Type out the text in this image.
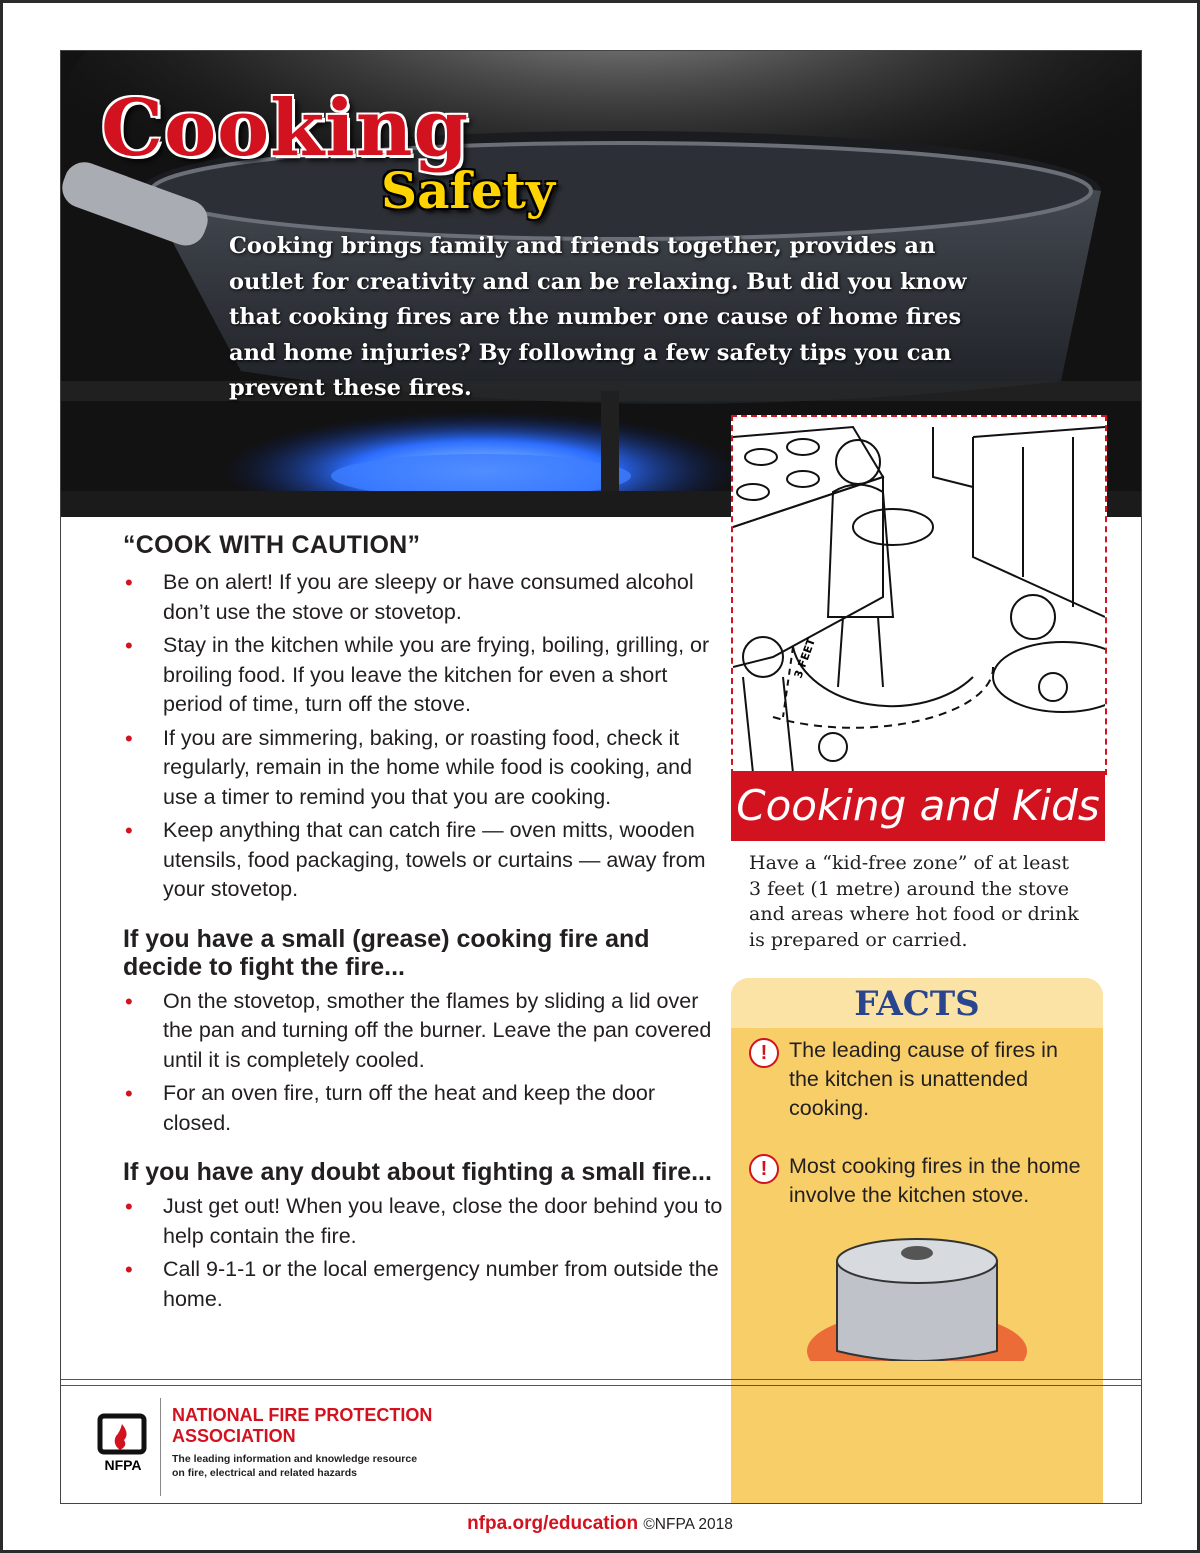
Cooking
Safety
Cooking brings family and friends together, provides an outlet for creativity and can be relaxing. But did you know that cooking fires are the number one cause of home fires and home injuries? By following a few safety tips you can prevent these fires.
“COOK WITH CAUTION”
• Be on alert! If you are sleepy or have consumed alcohol don’t use the stove or stovetop.
• Stay in the kitchen while you are frying, boiling, grilling, or broiling food. If you leave the kitchen for even a short period of time, turn off the stove.
• If you are simmering, baking, or roasting food, check it regularly, remain in the home while food is cooking, and use a timer to remind you that you are cooking.
• Keep anything that can catch fire — oven mitts, wooden utensils, food packaging, towels or curtains — away from your stovetop.
If you have a small (grease) cooking fire and decide to fight the fire...
• On the stovetop, smother the flames by sliding a lid over the pan and turning off the burner. Leave the pan covered until it is completely cooled.
• For an oven fire, turn off the heat and keep the door closed.
If you have any doubt about fighting a small fire...
• Just get out! When you leave, close the door behind you to help contain the fire.
• Call 9-1-1 or the local emergency number from outside the home.
3 FEET
Cooking and Kids
Have a “kid-free zone” of at least 3 feet (1 metre) around the stove and areas where hot food or drink is prepared or carried.
FACTS
!	The leading cause of fires in the kitchen is unattended cooking.
!	Most cooking fires in the home involve the kitchen stove.
NFPA
NATIONAL FIRE PROTECTION ASSOCIATION
The leading information and knowledge resource on fire, electrical and related hazards
nfpa.org/education ©NFPA 2018
